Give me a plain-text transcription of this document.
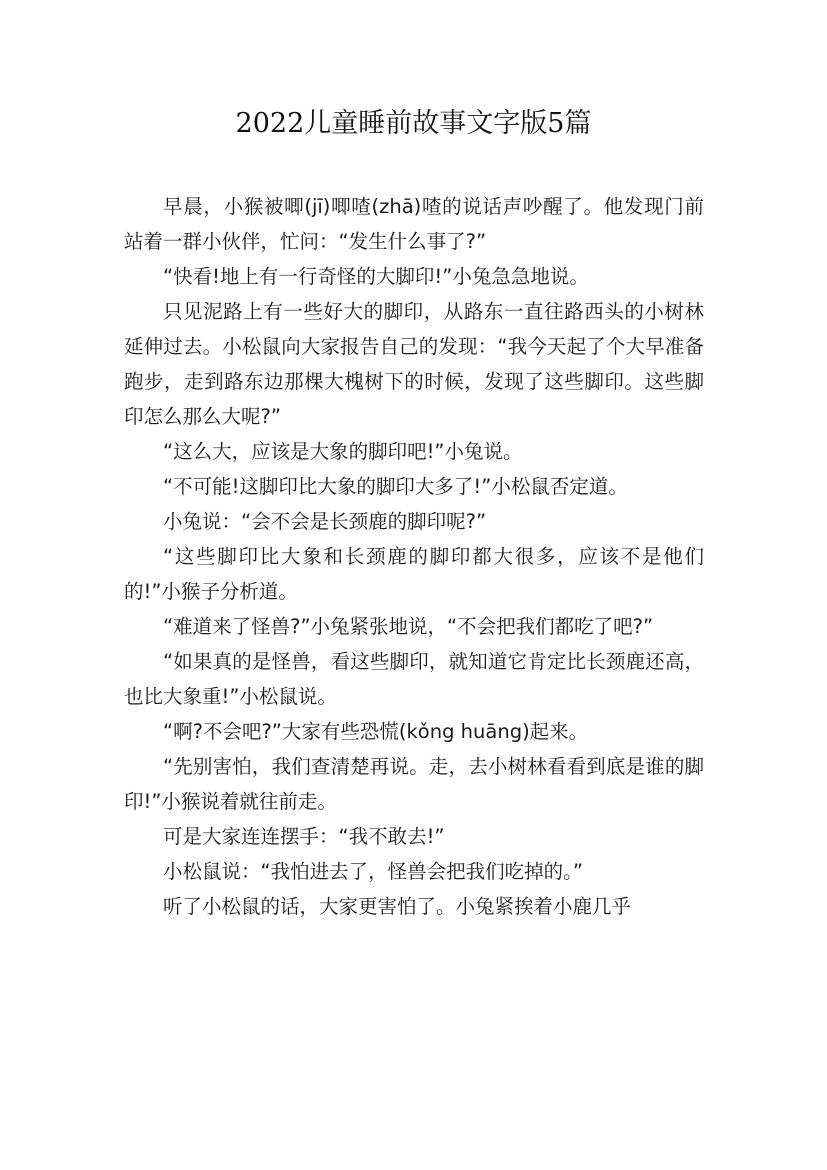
2022儿童睡前故事文字版5篇

早晨，小猴被唧(jī)唧喳(zhā)喳的说话声吵醒了。他发现门前站着一群小伙伴，忙问：“发生什么事了?”

“快看!地上有一行奇怪的大脚印!”小兔急急地说。

只见泥路上有一些好大的脚印，从路东一直往路西头的小树林延伸过去。小松鼠向大家报告自己的发现：“我今天起了个大早准备跑步，走到路东边那棵大槐树下的时候，发现了这些脚印。这些脚印怎么那么大呢?”

“这么大，应该是大象的脚印吧!”小兔说。

“不可能!这脚印比大象的脚印大多了!”小松鼠否定道。

小兔说：“会不会是长颈鹿的脚印呢?”

“这些脚印比大象和长颈鹿的脚印都大很多，应该不是他们的!”小猴子分析道。

“难道来了怪兽?”小兔紧张地说，“不会把我们都吃了吧?”

“如果真的是怪兽，看这些脚印，就知道它肯定比长颈鹿还高，也比大象重!”小松鼠说。

“啊?不会吧?”大家有些恐慌(kǒng huāng)起来。

“先别害怕，我们查清楚再说。走，去小树林看看到底是谁的脚印!”小猴说着就往前走。

可是大家连连摆手：“我不敢去!”

小松鼠说：“我怕进去了，怪兽会把我们吃掉的。”

听了小松鼠的话，大家更害怕了。小兔紧挨着小鹿几乎
